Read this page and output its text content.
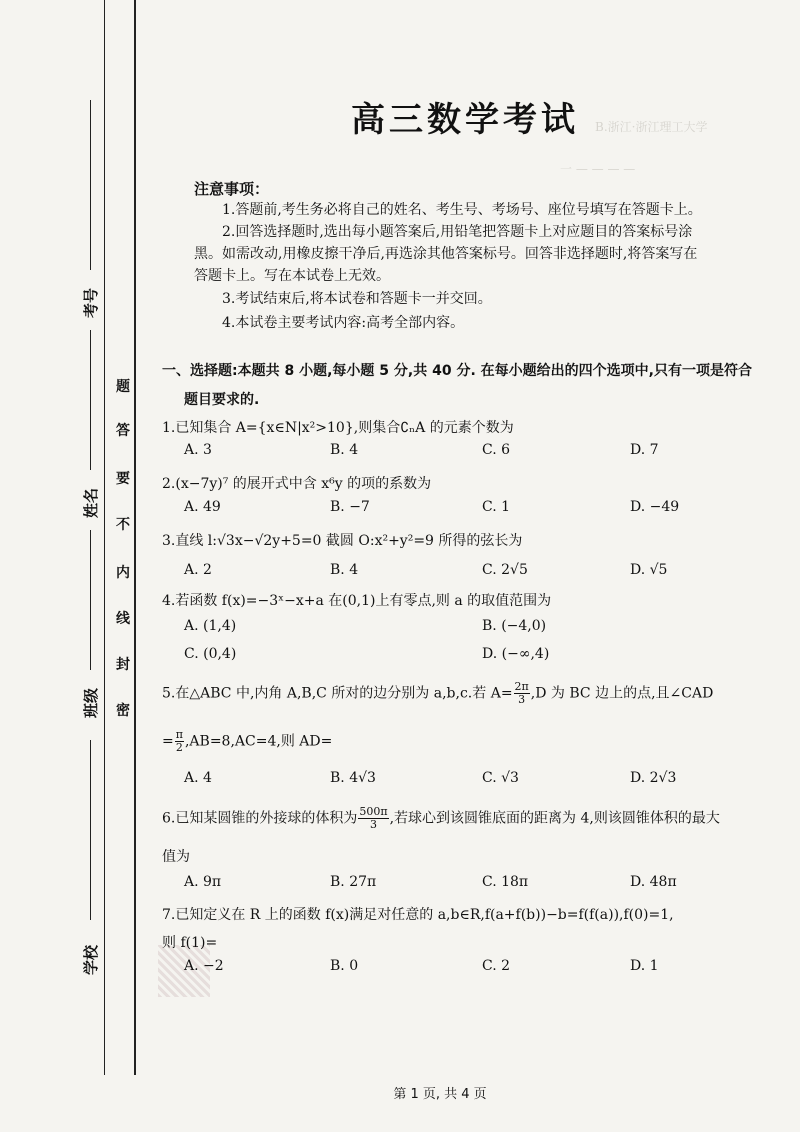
B.浙江·浙江理工大学
一 — — — —
考号
姓名
班级
学校
题
答
要
不
内
线
封
密
高三数学考试
注意事项：
1.答题前,考生务必将自己的姓名、考生号、考场号、座位号填写在答题卡上。
2.回答选择题时,选出每小题答案后,用铅笔把答题卡上对应题目的答案标号涂
黑。如需改动,用橡皮擦干净后,再选涂其他答案标号。回答非选择题时,将答案写在
答题卡上。写在本试卷上无效。
3.考试结束后,将本试卷和答题卡一并交回。
4.本试卷主要考试内容:高考全部内容。
一、选择题:本题共 8 小题,每小题 5 分,共 40 分. 在每小题给出的四个选项中,只有一项是符合
题目要求的.
1.已知集合 A={x∈N|x²>10},则集合∁ₙA 的元素个数为
A. 3	B. 4	C. 6	D. 7
2.(x−7y)⁷ 的展开式中含 x⁶y 的项的系数为
A. 49	B. −7	C. 1	D. −49
3.直线 l:√3x−√2y+5=0 截圆 O:x²+y²=9 所得的弦长为
A. 2	B. 4	C. 2√5	D. √5
4.若函数 f(x)=−3ˣ−x+a 在(0,1)上有零点,则 a 的取值范围为
A. (1,4)	B. (−4,0)
C. (0,4)	D. (−∞,4)
5.在△ABC 中,内角 A,B,C 所对的边分别为 a,b,c.若 $A= \frac{2\pi}{3} ,D$ 为 BC 边上的点,且∠CAD
= $\frac{\pi}{2} ,AB=8,AC=4$,则 AD=
A. 4	B. 4√3	C. √3	D. 2√3
6.已知某圆锥的外接球的体积为 $\frac{500\pi}{3}$ ,若球心到该圆锥底面的距离为 4,则该圆锥体积的最大
值为
A. 9π	B. 27π	C. 18π	D. 48π
7.已知定义在 R 上的函数 f(x)满足对任意的 a,b∈R,f(a+f(b))−b=f(f(a)),f(0)=1,
则 f(1)=
A. −2	B. 0	C. 2	D. 1
第 1 页, 共 4 页
